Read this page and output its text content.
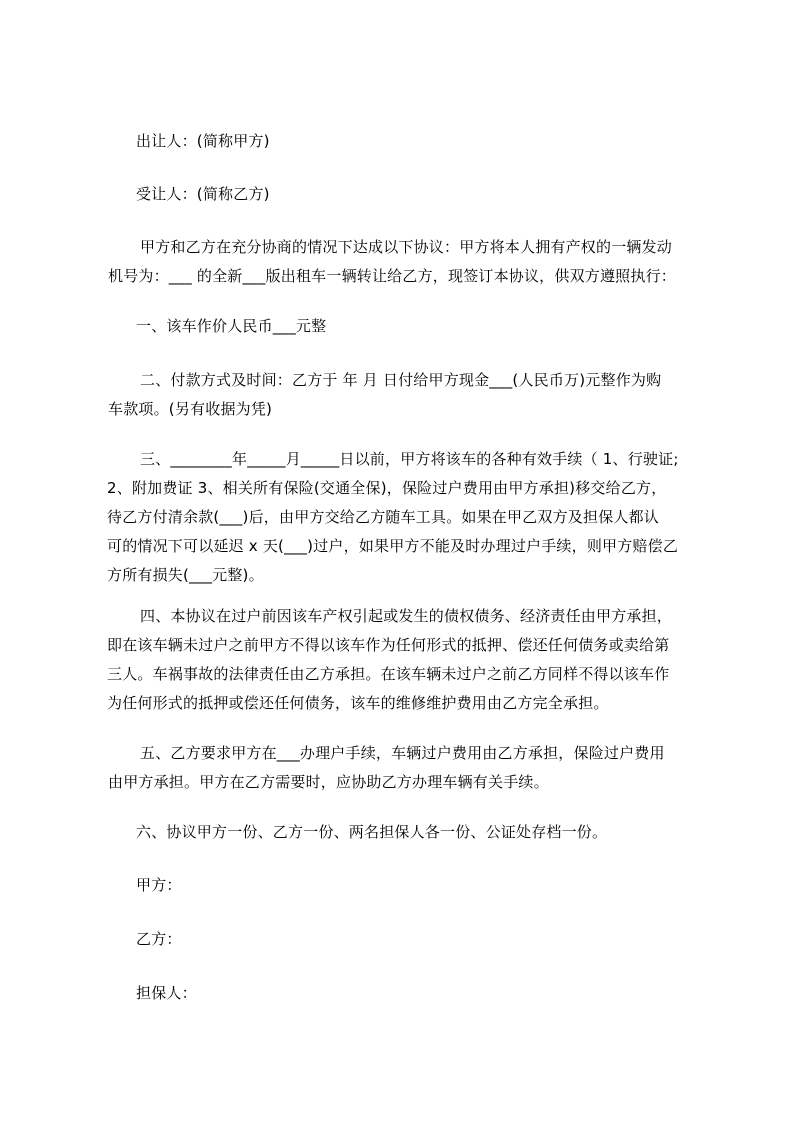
出让人：(简称甲方)
受让人：(简称乙方)
甲方和乙方在充分协商的情况下达成以下协议：甲方将本人拥有产权的一辆发动
机号为：___ 的全新___版出租车一辆转让给乙方，现签订本协议，供双方遵照执行：
一、该车作价人民币___元整
二、付款方式及时间：乙方于 年 月 日付给甲方现金___(人民币万)元整作为购
车款项。(另有收据为凭)
三、________年_____月_____日以前，甲方将该车的各种有效手续（ 1、行驶证;
2、附加费证 3、相关所有保险(交通全保)，保险过户费用由甲方承担)移交给乙方，
待乙方付清余款(___)后，由甲方交给乙方随车工具。如果在甲乙双方及担保人都认
可的情况下可以延迟 x 天(___)过户，如果甲方不能及时办理过户手续，则甲方赔偿乙
方所有损失(___元整)。
四、本协议在过户前因该车产权引起或发生的债权债务、经济责任由甲方承担，
即在该车辆未过户之前甲方不得以该车作为任何形式的抵押、偿还任何债务或卖给第
三人。车祸事故的法律责任由乙方承担。在该车辆未过户之前乙方同样不得以该车作
为任何形式的抵押或偿还任何债务，该车的维修维护费用由乙方完全承担。
五、乙方要求甲方在___办理户手续，车辆过户费用由乙方承担，保险过户费用
由甲方承担。甲方在乙方需要时，应协助乙方办理车辆有关手续。
六、协议甲方一份、乙方一份、两名担保人各一份、公证处存档一份。
甲方：
乙方：
担保人：
